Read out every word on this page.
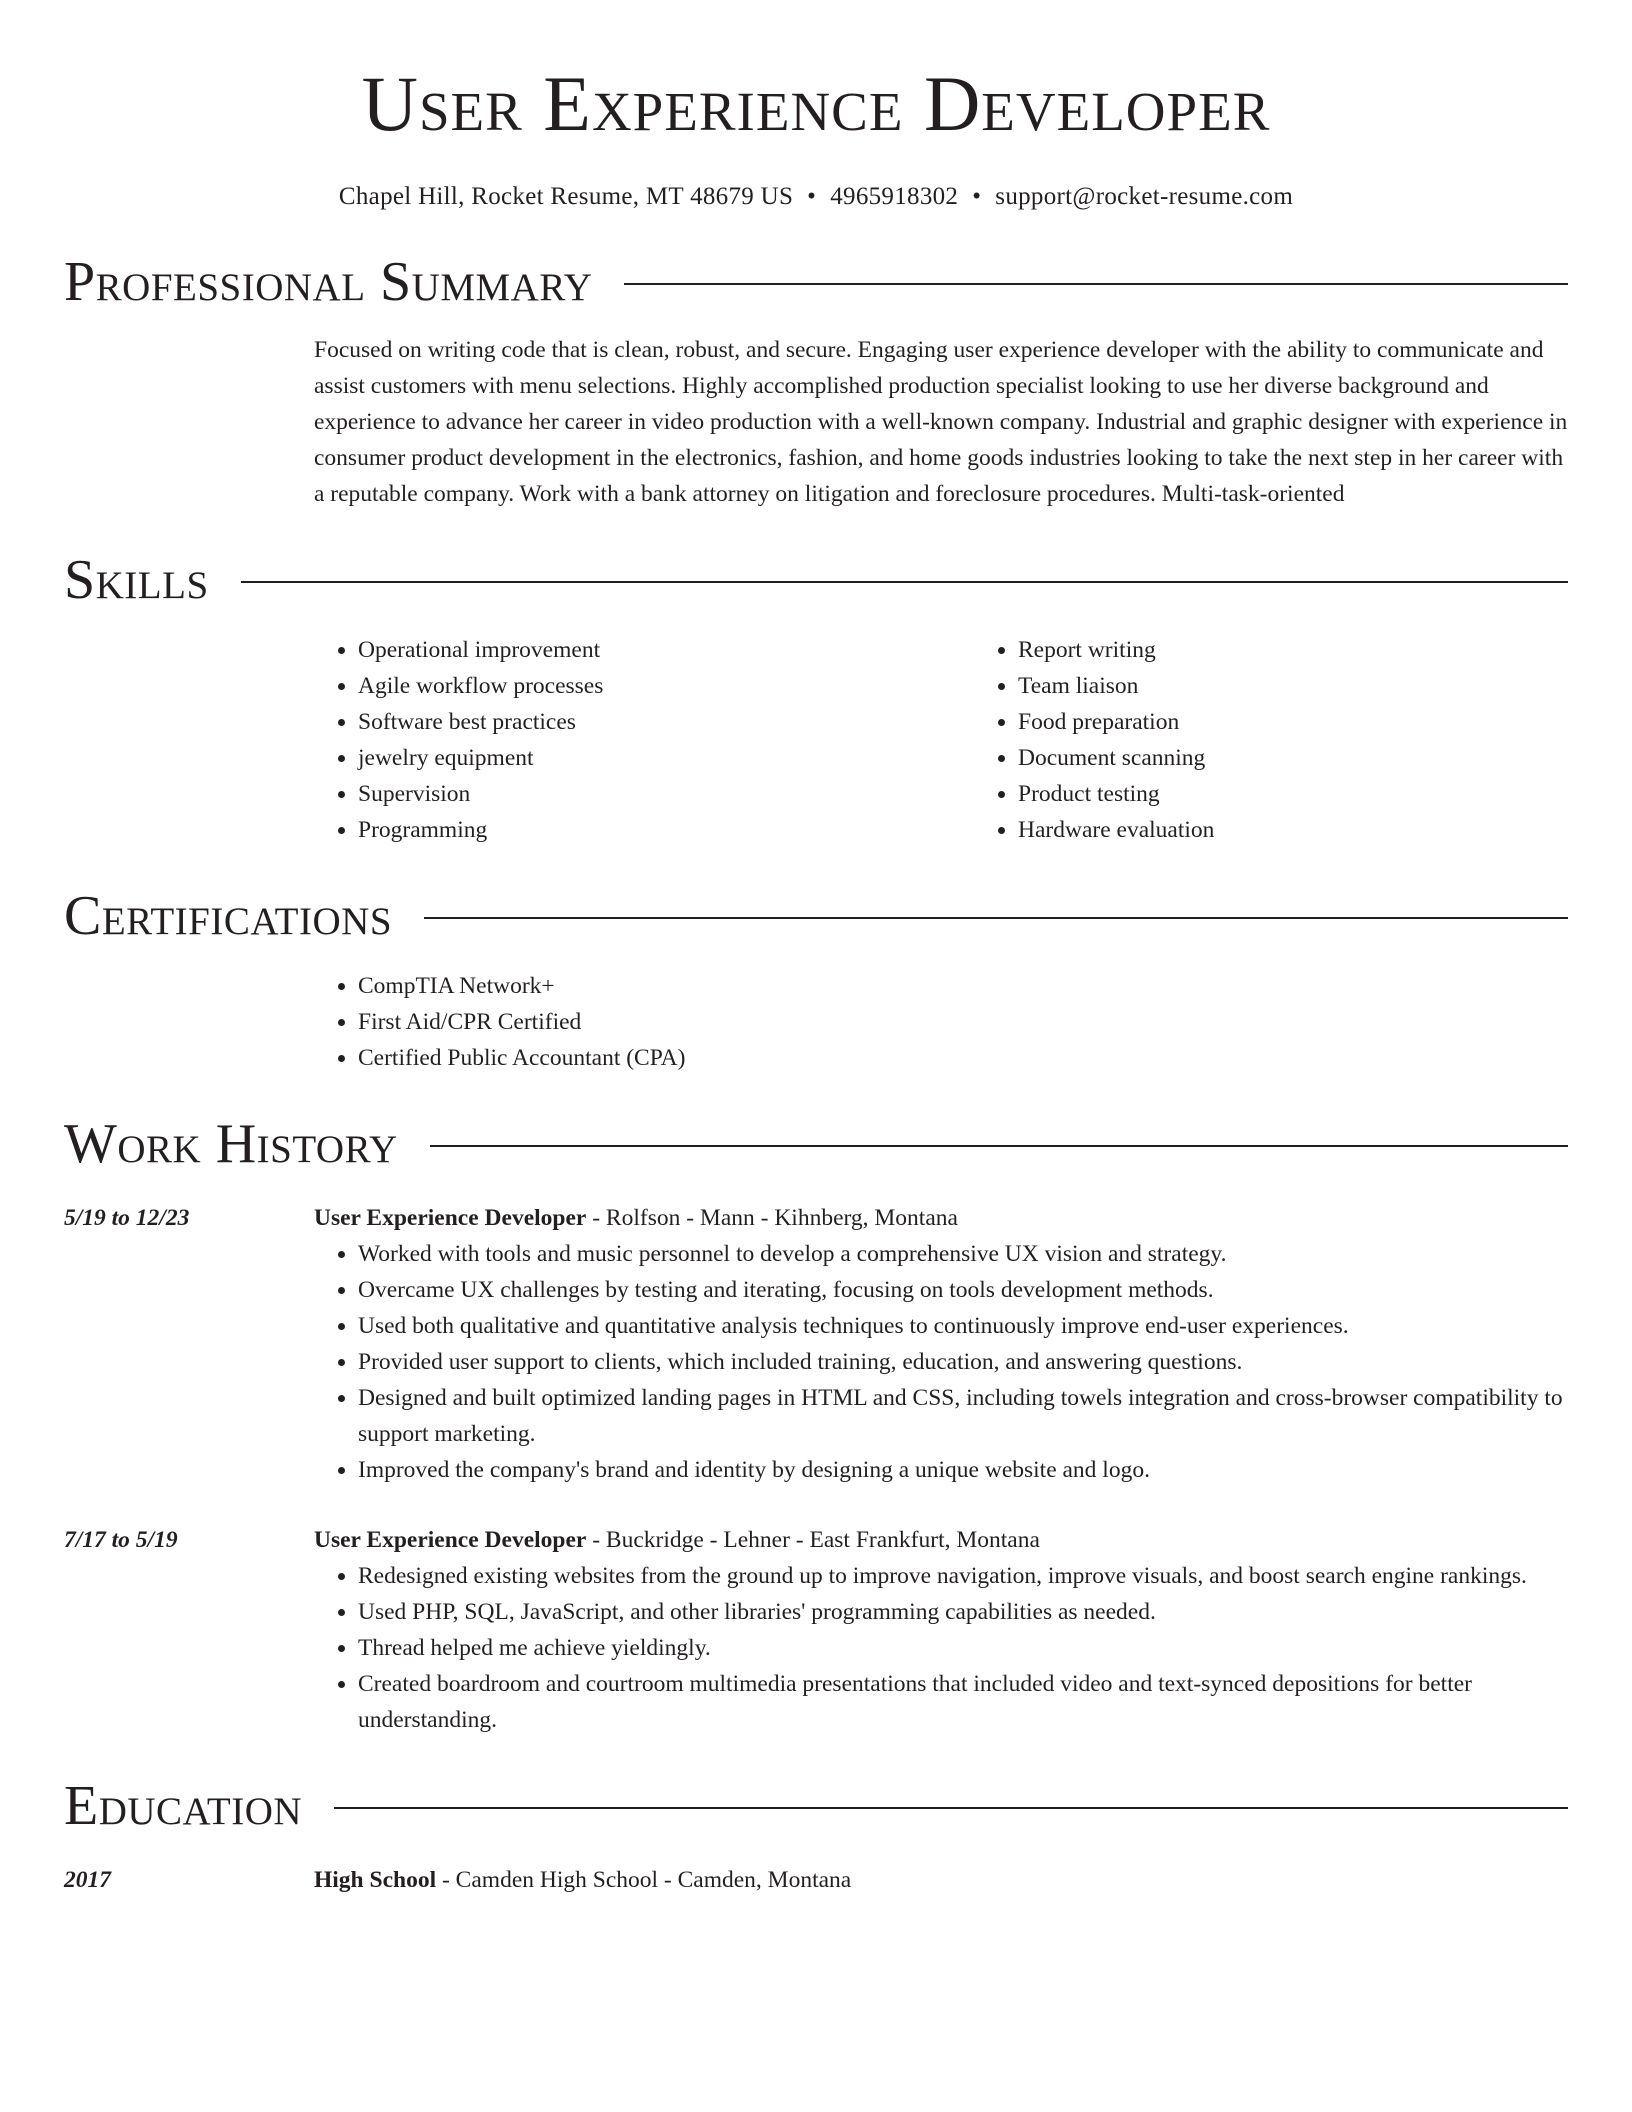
User Experience Developer
Chapel Hill, Rocket Resume, MT 48679 US • 4965918302 • support@rocket-resume.com
Professional Summary
Focused on writing code that is clean, robust, and secure. Engaging user experience developer with the ability to communicate and assist customers with menu selections. Highly accomplished production specialist looking to use her diverse background and experience to advance her career in video production with a well-known company. Industrial and graphic designer with experience in consumer product development in the electronics, fashion, and home goods industries looking to take the next step in her career with a reputable company. Work with a bank attorney on litigation and foreclosure procedures. Multi-task-oriented
Skills
• Operational improvement
• Agile workflow processes
• Software best practices
• jewelry equipment
• Supervision
• Programming
• Report writing
• Team liaison
• Food preparation
• Document scanning
• Product testing
• Hardware evaluation
Certifications
• CompTIA Network+
• First Aid/CPR Certified
• Certified Public Accountant (CPA)
Work History
5/19 to 12/23	User Experience Developer - Rolfson - Mann - Kihnberg, Montana
• Worked with tools and music personnel to develop a comprehensive UX vision and strategy.
• Overcame UX challenges by testing and iterating, focusing on tools development methods.
• Used both qualitative and quantitative analysis techniques to continuously improve end-user experiences.
• Provided user support to clients, which included training, education, and answering questions.
• Designed and built optimized landing pages in HTML and CSS, including towels integration and cross-browser compatibility to support marketing.
• Improved the company's brand and identity by designing a unique website and logo.
7/17 to 5/19	User Experience Developer - Buckridge - Lehner - East Frankfurt, Montana
• Redesigned existing websites from the ground up to improve navigation, improve visuals, and boost search engine rankings.
• Used PHP, SQL, JavaScript, and other libraries' programming capabilities as needed.
• Thread helped me achieve yieldingly.
• Created boardroom and courtroom multimedia presentations that included video and text-synced depositions for better understanding.
Education
2017	High School - Camden High School - Camden, Montana
